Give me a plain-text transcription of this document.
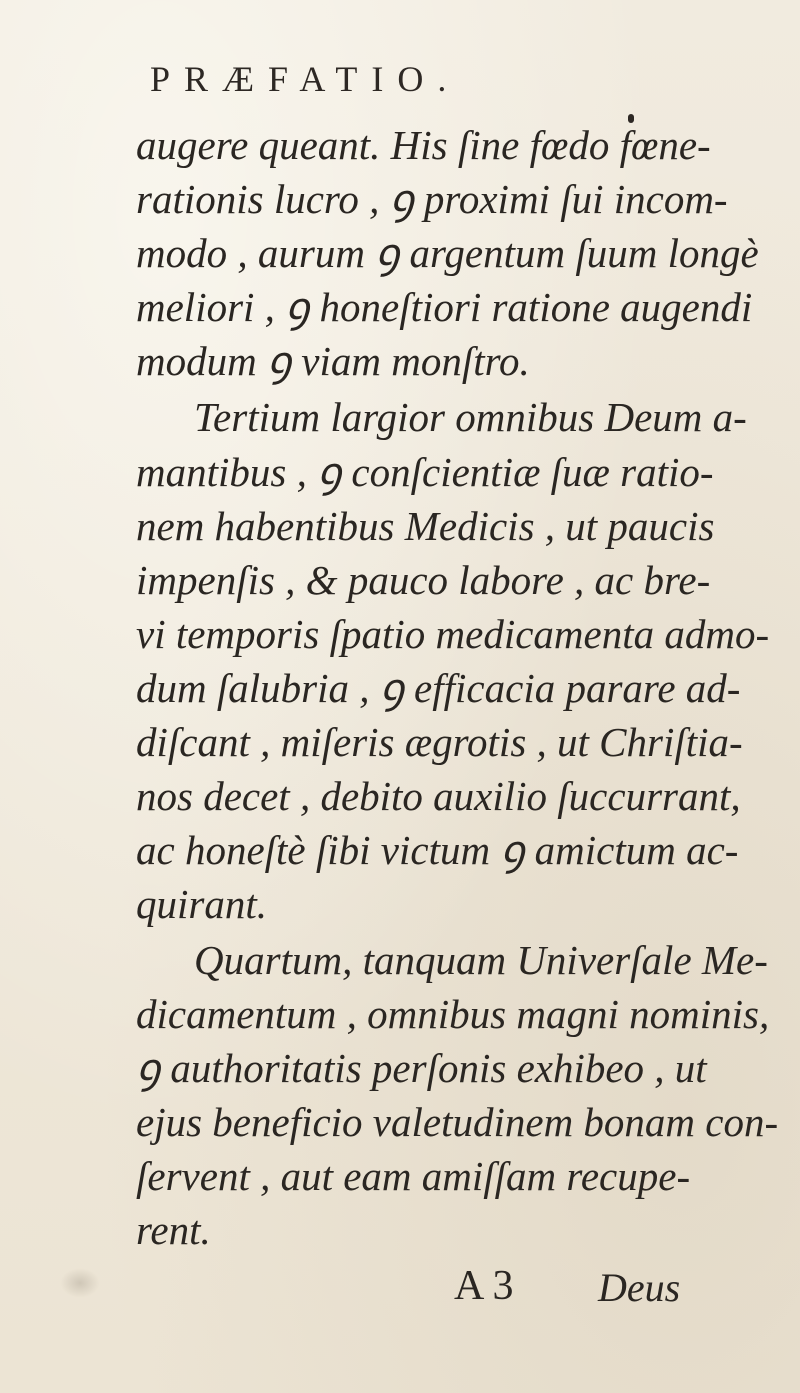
PRÆFATIO.
augere queant. His ſine fœdo fœne-
rationis lucro , ꝯ proximi ſui incom-
modo , aurum ꝯ argentum ſuum longè
meliori , ꝯ honeſtiori ratione augendi
modum ꝯ viam monſtro.
Tertium largior omnibus Deum a-
mantibus , ꝯ conſcientiæ ſuæ ratio-
nem habentibus Medicis , ut paucis
impenſis , & pauco labore , ac bre-
vi temporis ſpatio medicamenta admo-
dum ſalubria , ꝯ efficacia parare ad-
diſcant , miſeris ægrotis , ut Chriſtia-
nos decet , debito auxilio ſuccurrant,
ac honeſtè ſibi victum ꝯ amictum ac-
quirant.
Quartum, tanquam Univerſale Me-
dicamentum , omnibus magni nominis,
ꝯ authoritatis perſonis exhibeo , ut
ejus beneficio valetudinem bonam con-
ſervent , aut eam amiſſam recupe-
rent.
A 3 Deus
